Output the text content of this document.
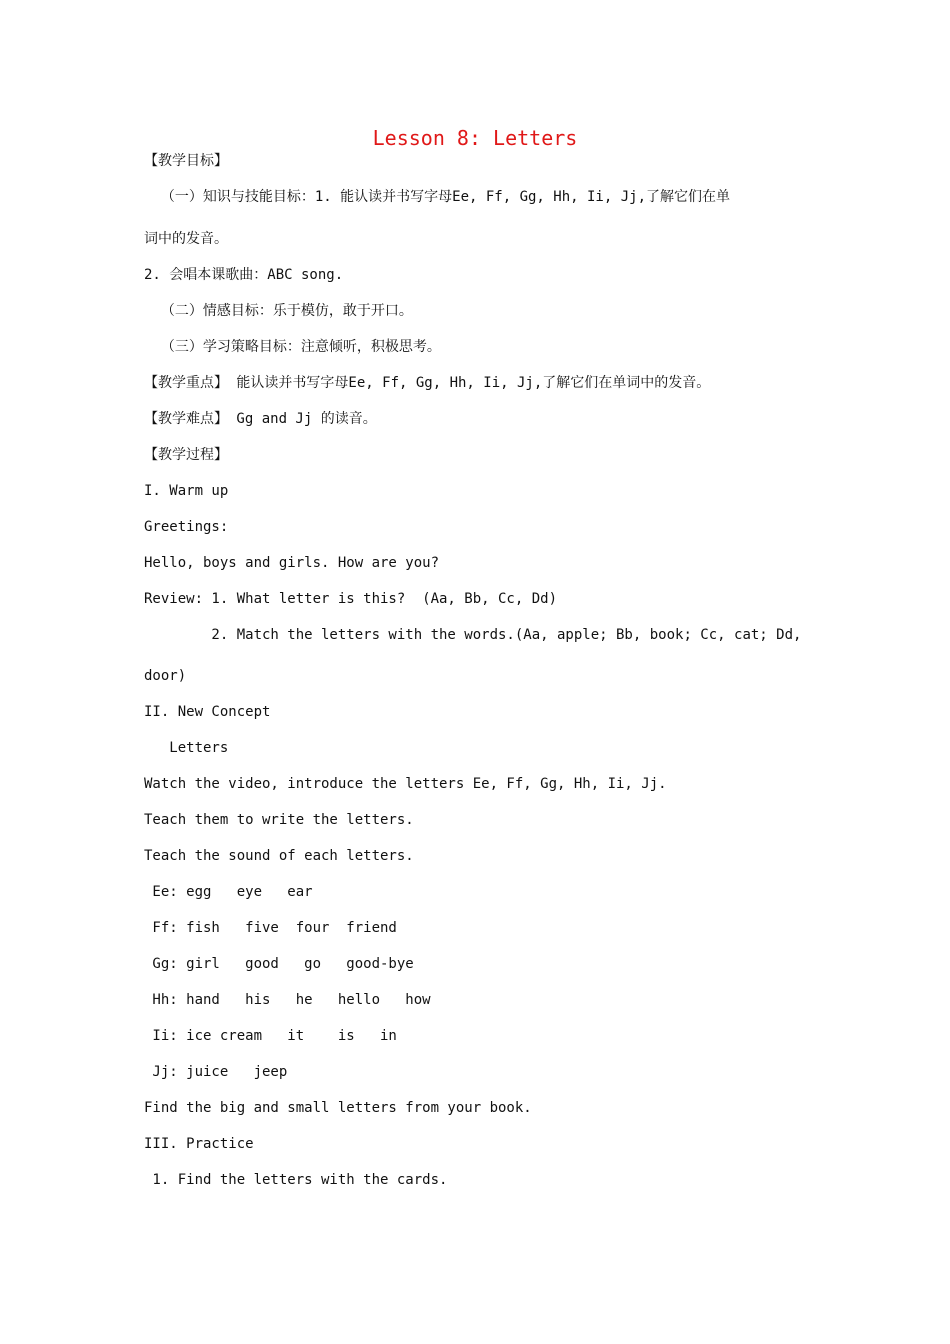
Lesson 8: Letters
【教学目标】
（一）知识与技能目标：1. 能认读并书写字母Ee, Ff, Gg, Hh, Ii, Jj,了解它们在单
词中的发音。
2. 会唱本课歌曲：ABC song.
（二）情感目标：乐于模仿，敢于开口。
（三）学习策略目标：注意倾听，积极思考。
【教学重点】 能认读并书写字母Ee, Ff, Gg, Hh, Ii, Jj,了解它们在单词中的发音。
【教学难点】 Gg and Jj 的读音。
【教学过程】
I. Warm up
Greetings:
Hello, boys and girls. How are you?
Review: 1. What letter is this?  (Aa, Bb, Cc, Dd)
2. Match the letters with the words.(Aa, apple; Bb, book; Cc, cat; Dd,
door)
II. New Concept
Letters
Watch the video, introduce the letters Ee, Ff, Gg, Hh, Ii, Jj.
Teach them to write the letters.
Teach the sound of each letters.
Ee: egg   eye   ear
Ff: fish   five  four  friend
Gg: girl   good   go   good-bye
Hh: hand   his   he   hello   how
Ii: ice cream   it    is   in
Jj: juice   jeep
Find the big and small letters from your book.
III. Practice
1. Find the letters with the cards.
